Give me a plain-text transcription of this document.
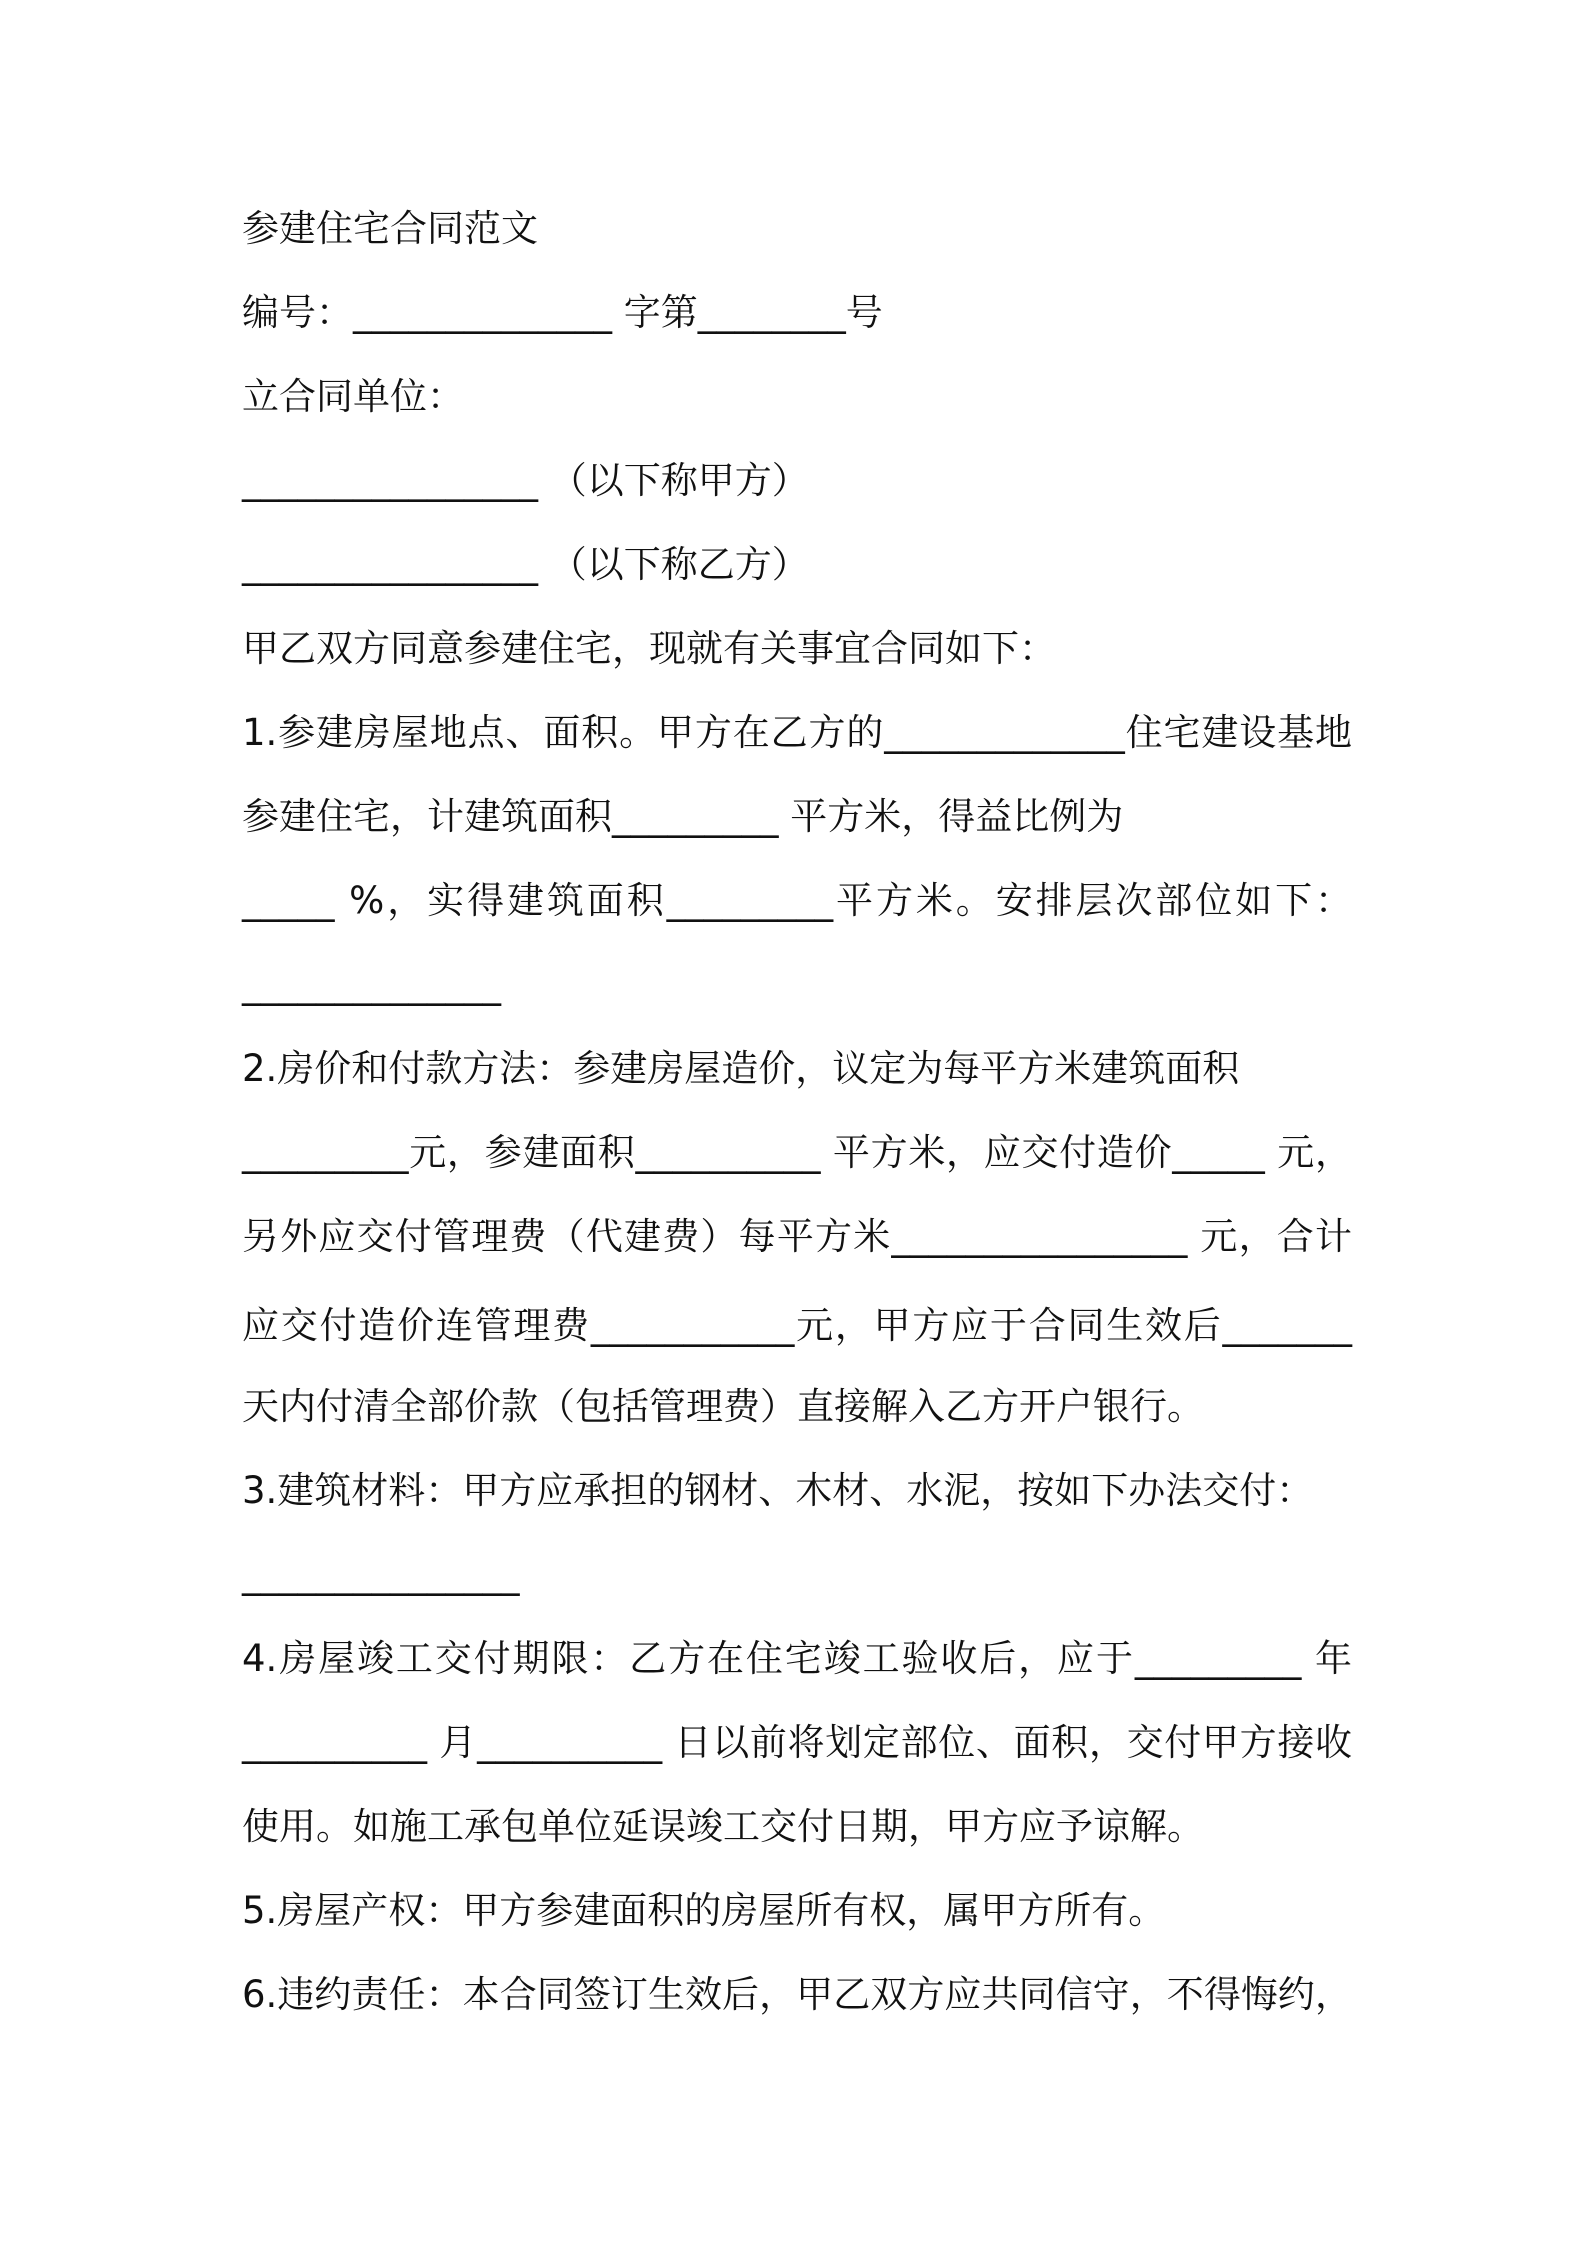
参建住宅合同范文
编号：______________ 字第________号
立合同单位：
________________ （以下称甲方）
________________ （以下称乙方）
甲乙双方同意参建住宅，现就有关事宜合同如下：
1.参建房屋地点、面积。甲方在乙方的_____________住宅建设基地
参建住宅，计建筑面积_________ 平方米，得益比例为
_____ %，实得建筑面积_________平方米。安排层次部位如下：
______________
2.房价和付款方法：参建房屋造价，议定为每平方米建筑面积
_________元，参建面积__________ 平方米，应交付造价_____ 元，
另外应交付管理费（代建费）每平方米________________ 元，合计
应交付造价连管理费___________元，甲方应于合同生效后_______
天内付清全部价款（包括管理费）直接解入乙方开户银行。
3.建筑材料：甲方应承担的钢材、木材、水泥，按如下办法交付：
_______________
4.房屋竣工交付期限：乙方在住宅竣工验收后，应于_________ 年
__________ 月__________ 日以前将划定部位、面积，交付甲方接收
使用。如施工承包单位延误竣工交付日期，甲方应予谅解。
5.房屋产权：甲方参建面积的房屋所有权，属甲方所有。
6.违约责任：本合同签订生效后，甲乙双方应共同信守，不得悔约，
